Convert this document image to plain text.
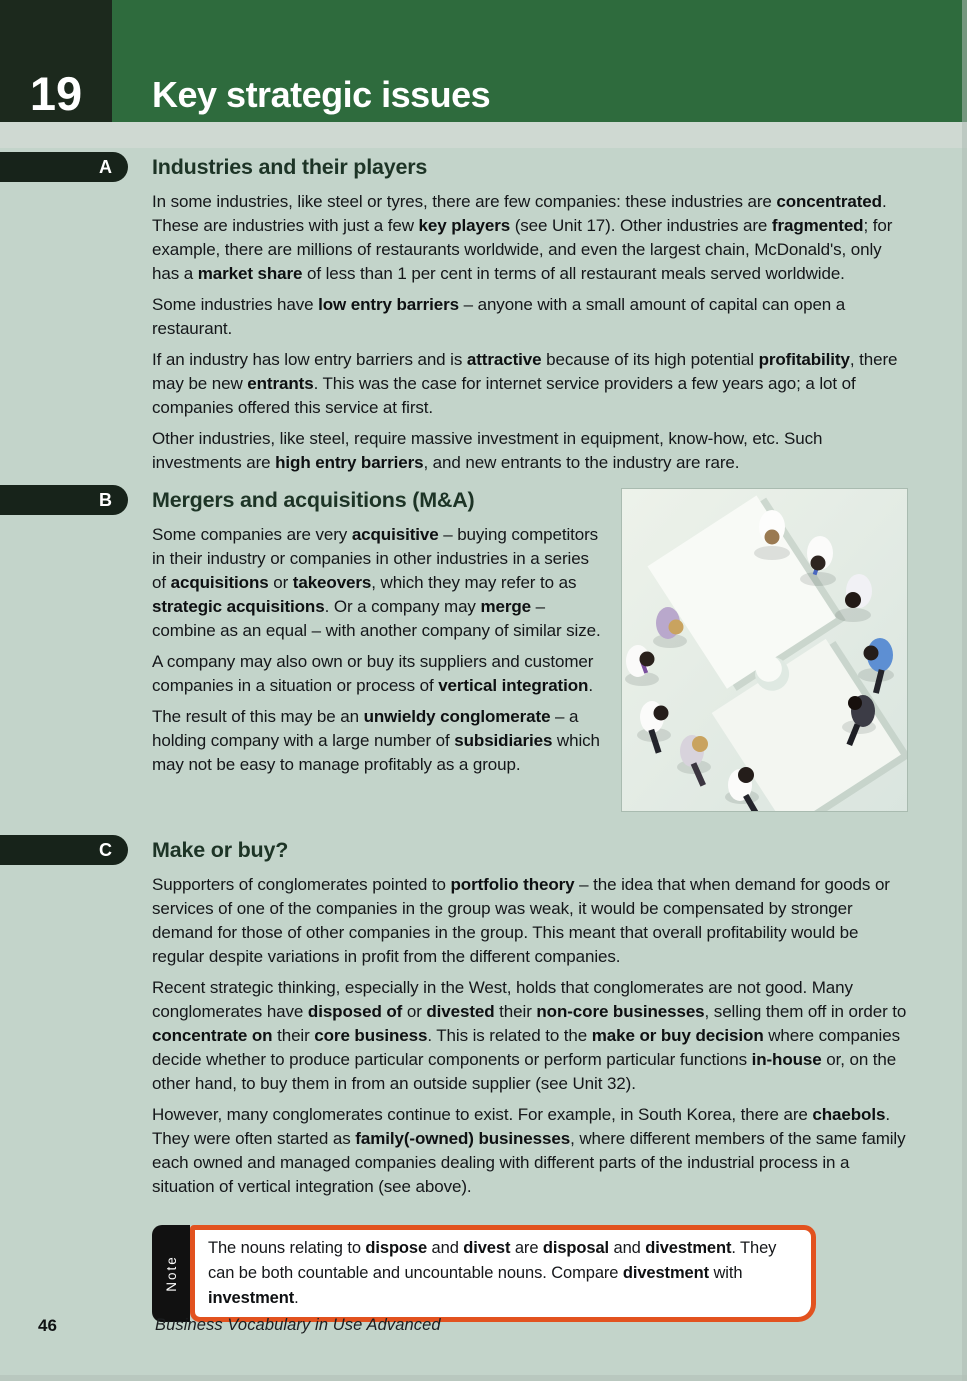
19 Key strategic issues
A Industries and their players

In some industries, like steel or tyres, there are few companies: these industries are concentrated. These are industries with just a few key players (see Unit 17). Other industries are fragmented; for example, there are millions of restaurants worldwide, and even the largest chain, McDonald's, only has a market share of less than 1 per cent in terms of all restaurant meals served worldwide.

Some industries have low entry barriers – anyone with a small amount of capital can open a restaurant.

If an industry has low entry barriers and is attractive because of its high potential profitability, there may be new entrants. This was the case for internet service providers a few years ago; a lot of companies offered this service at first.

Other industries, like steel, require massive investment in equipment, know-how, etc. Such investments are high entry barriers, and new entrants to the industry are rare.

B Mergers and acquisitions (M&A)

Some companies are very acquisitive – buying competitors in their industry or companies in other industries in a series of acquisitions or takeovers, which they may refer to as strategic acquisitions. Or a company may merge – combine as an equal – with another company of similar size.

A company may also own or buy its suppliers and customer companies in a situation or process of vertical integration.

The result of this may be an unwieldy conglomerate – a holding company with a large number of subsidiaries which may not be easy to manage profitably as a group.

C Make or buy?

Supporters of conglomerates pointed to portfolio theory – the idea that when demand for goods or services of one of the companies in the group was weak, it would be compensated by stronger demand for those of other companies in the group. This meant that overall profitability would be regular despite variations in profit from the different companies.

Recent strategic thinking, especially in the West, holds that conglomerates are not good. Many conglomerates have disposed of or divested their non-core businesses, selling them off in order to concentrate on their core business. This is related to the make or buy decision where companies decide whether to produce particular components or perform particular functions in-house or, on the other hand, to buy them in from an outside supplier (see Unit 32).

However, many conglomerates continue to exist. For example, in South Korea, there are chaebols. They were often started as family(-owned) businesses, where different members of the same family each owned and managed companies dealing with different parts of the industrial process in a situation of vertical integration (see above).

Note

The nouns relating to dispose and divest are disposal and divestment. They can be both countable and uncountable nouns. Compare divestment with investment.

46	Business Vocabulary in Use Advanced
